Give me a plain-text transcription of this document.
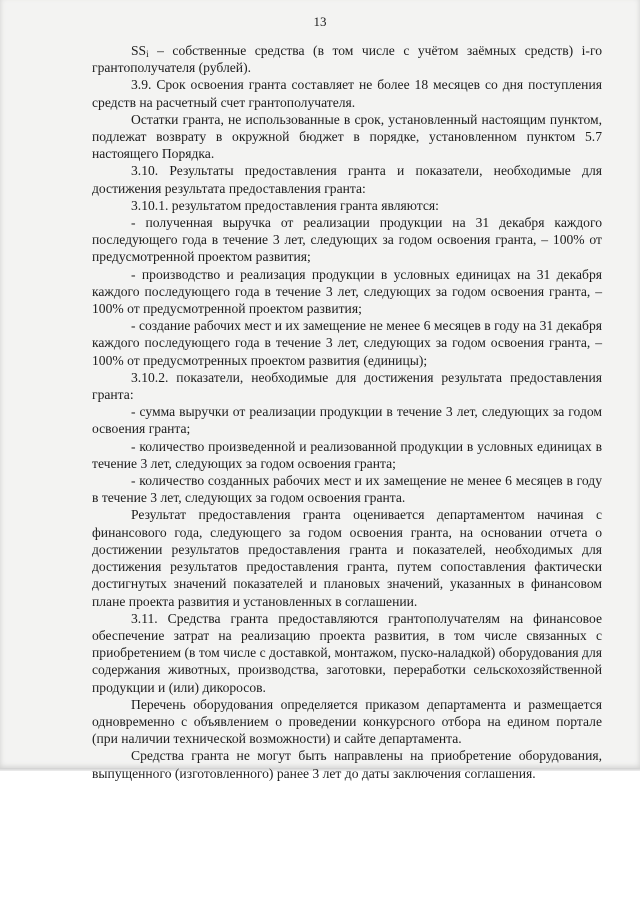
13

$SS_i$ – собственные средства (в том числе с учётом заёмных средств) i-го грантополучателя (рублей).

3.9. Срок освоения гранта составляет не более 18 месяцев со дня поступления средств на расчетный счет грантополучателя.

Остатки гранта, не использованные в срок, установленный настоящим пунктом, подлежат возврату в окружной бюджет в порядке, установленном пунктом 5.7 настоящего Порядка.

3.10. Результаты предоставления гранта и показатели, необходимые для достижения результата предоставления гранта:

3.10.1. результатом предоставления гранта являются:

- полученная выручка от реализации продукции на 31 декабря каждого последующего года в течение 3 лет, следующих за годом освоения гранта, – 100% от предусмотренной проектом развития;

- производство и реализация продукции в условных единицах на 31 декабря каждого последующего года в течение 3 лет, следующих за годом освоения гранта, – 100% от предусмотренной проектом развития;

- создание рабочих мест и их замещение не менее 6 месяцев в году на 31 декабря каждого последующего года в течение 3 лет, следующих за годом освоения гранта, – 100% от предусмотренных проектом развития (единицы);

3.10.2. показатели, необходимые для достижения результата предоставления гранта:

- сумма выручки от реализации продукции в течение 3 лет, следующих за годом освоения гранта;

- количество произведенной и реализованной продукции в условных единицах в течение 3 лет, следующих за годом освоения гранта;

- количество созданных рабочих мест и их замещение не менее 6 месяцев в году в течение 3 лет, следующих за годом освоения гранта.

Результат предоставления гранта оценивается департаментом начиная с финансового года, следующего за годом освоения гранта, на основании отчета о достижении результатов предоставления гранта и показателей, необходимых для достижения результатов предоставления гранта, путем сопоставления фактически достигнутых значений показателей и плановых значений, указанных в финансовом плане проекта развития и установленных в соглашении.

3.11. Средства гранта предоставляются грантополучателям на финансовое обеспечение затрат на реализацию проекта развития, в том числе связанных с приобретением (в том числе с доставкой, монтажом, пуско-наладкой) оборудования для содержания животных, производства, заготовки, переработки сельскохозяйственной продукции и (или) дикоросов.

Перечень оборудования определяется приказом департамента и размещается одновременно с объявлением о проведении конкурсного отбора на едином портале (при наличии технической возможности) и сайте департамента.

Средства гранта не могут быть направлены на приобретение оборудования, выпущенного (изготовленного) ранее 3 лет до даты заключения соглашения.
